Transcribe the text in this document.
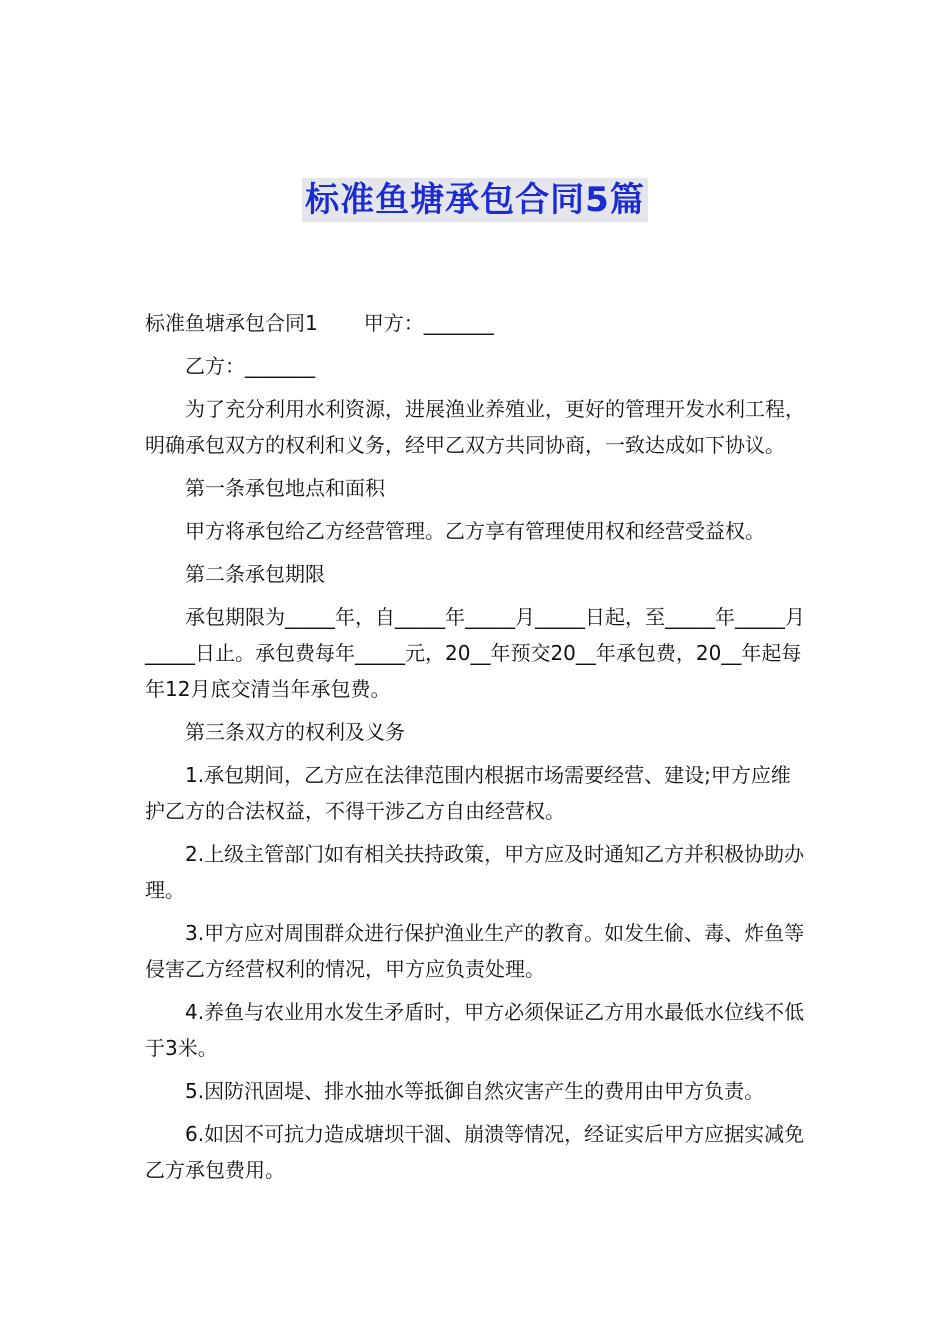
标准鱼塘承包合同5篇

标准鱼塘承包合同1 甲方：_______

乙方：_______

为了充分利用水利资源，进展渔业养殖业，更好的管理开发水利工程，明确承包双方的权利和义务，经甲乙双方共同协商，一致达成如下协议。

第一条承包地点和面积

甲方将承包给乙方经营管理。乙方享有管理使用权和经营受益权。

第二条承包期限

承包期限为_____年，自_____年_____月_____日起，至_____年_____月_____日止。承包费每年_____元，20__年预交20__年承包费，20__年起每年12月底交清当年承包费。

第三条双方的权利及义务

1.承包期间，乙方应在法律范围内根据市场需要经营、建设;甲方应维护乙方的合法权益，不得干涉乙方自由经营权。

2.上级主管部门如有相关扶持政策，甲方应及时通知乙方并积极协助办理。

3.甲方应对周围群众进行保护渔业生产的教育。如发生偷、毒、炸鱼等侵害乙方经营权利的情况，甲方应负责处理。

4.养鱼与农业用水发生矛盾时，甲方必须保证乙方用水最低水位线不低于3米。

5.因防汛固堤、排水抽水等抵御自然灾害产生的费用由甲方负责。

6.如因不可抗力造成塘坝干涸、崩溃等情况，经证实后甲方应据实减免乙方承包费用。
